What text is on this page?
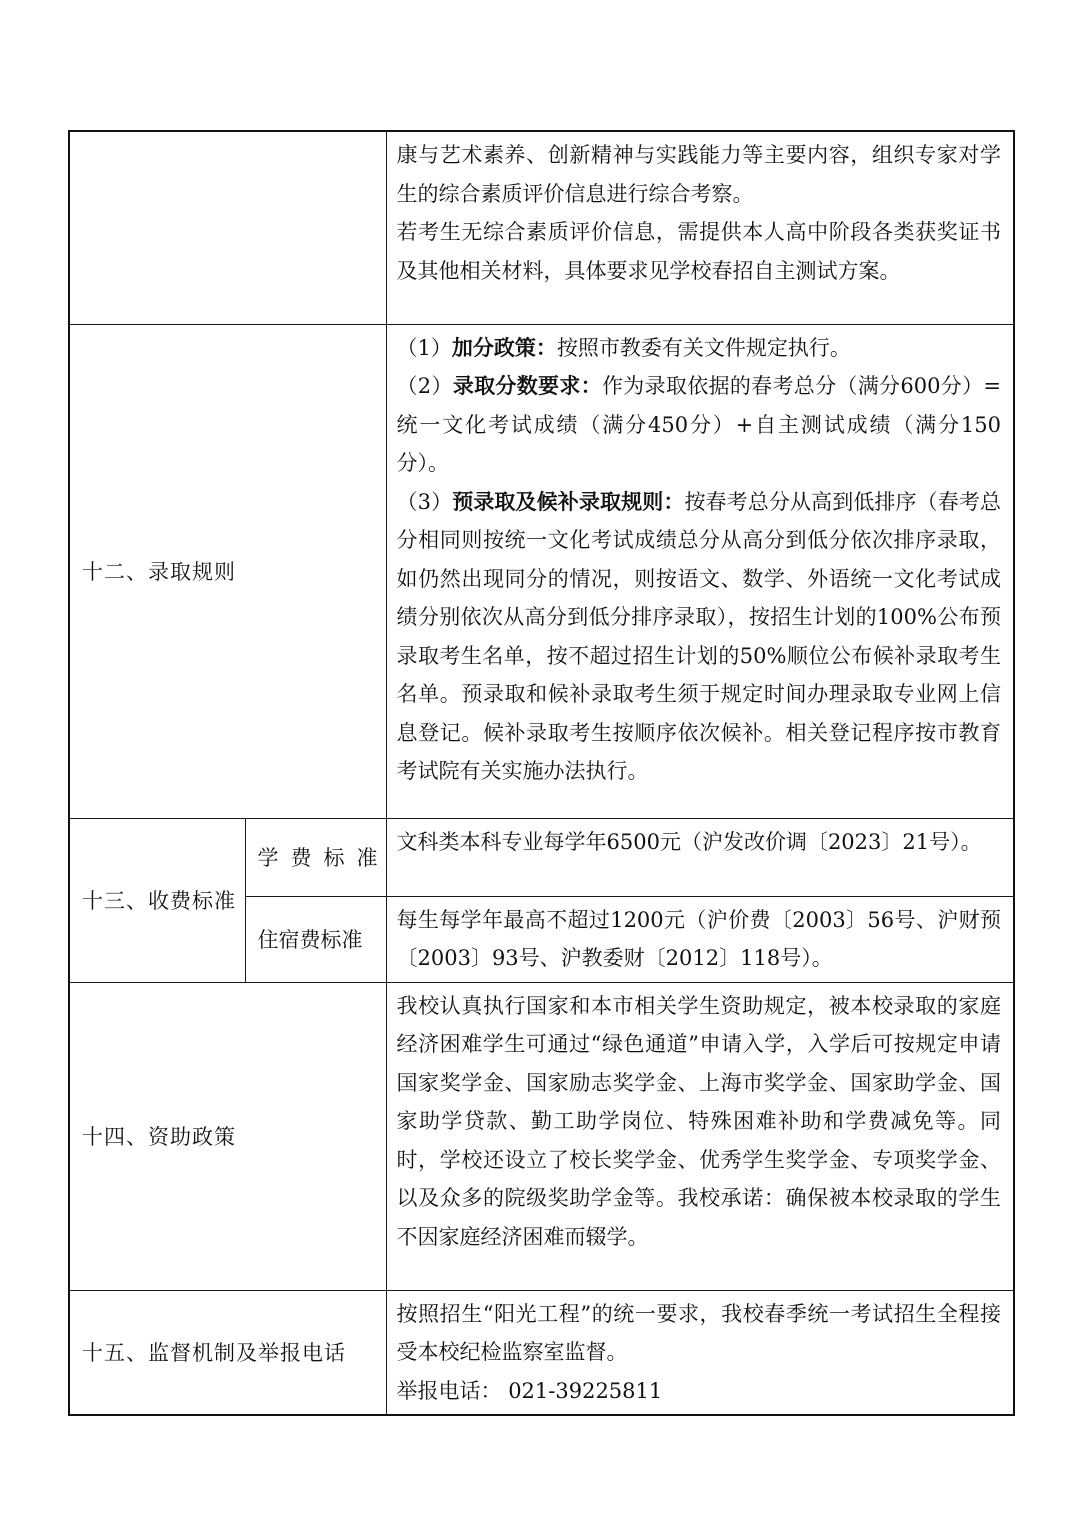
		康与艺术素养、创新精神与实践能力等主要内容，组织专家对学生的综合素质评价信息进行综合考察。

若考生无综合素质评价信息，需提供本人高中阶段各类获奖证书及其他相关材料，具体要求见学校春招自主测试方案。

十二、录取规则		（1）加分政策：按照市教委有关文件规定执行。

（2）录取分数要求：作为录取依据的春考总分（满分600分）=统一文化考试成绩（满分450分）+自主测试成绩（满分150分）。

（3）预录取及候补录取规则：按春考总分从高到低排序（春考总分相同则按统一文化考试成绩总分从高分到低分依次排序录取，如仍然出现同分的情况，则按语文、数学、外语统一文化考试成绩分别依次从高分到低分排序录取），按招生计划的100%公布预录取考生名单，按不超过招生计划的50%顺位公布候补录取考生名单。预录取和候补录取考生须于规定时间办理录取专业网上信息登记。候补录取考生按顺序依次候补。相关登记程序按市教育考试院有关实施办法执行。

十三、收费标准	学 费 标 准	文科类本科专业每学年6500元（沪发改价调〔2023〕21号）。
	住宿费标准	每生每学年最高不超过1200元（沪价费〔2003〕56号、沪财预〔2003〕93号、沪教委财〔2012〕118号）。
十四、资助政策		我校认真执行国家和本市相关学生资助规定，被本校录取的家庭经济困难学生可通过“绿色通道”申请入学，入学后可按规定申请国家奖学金、国家励志奖学金、上海市奖学金、国家助学金、国家助学贷款、勤工助学岗位、特殊困难补助和学费减免等。同时，学校还设立了校长奖学金、优秀学生奖学金、专项奖学金、以及众多的院级奖助学金等。我校承诺：确保被本校录取的学生不因家庭经济困难而辍学。
十五、监督机制及举报电话		按照招生“阳光工程”的统一要求，我校春季统一考试招生全程接受本校纪检监察室监督。

举报电话： 021-39225811
